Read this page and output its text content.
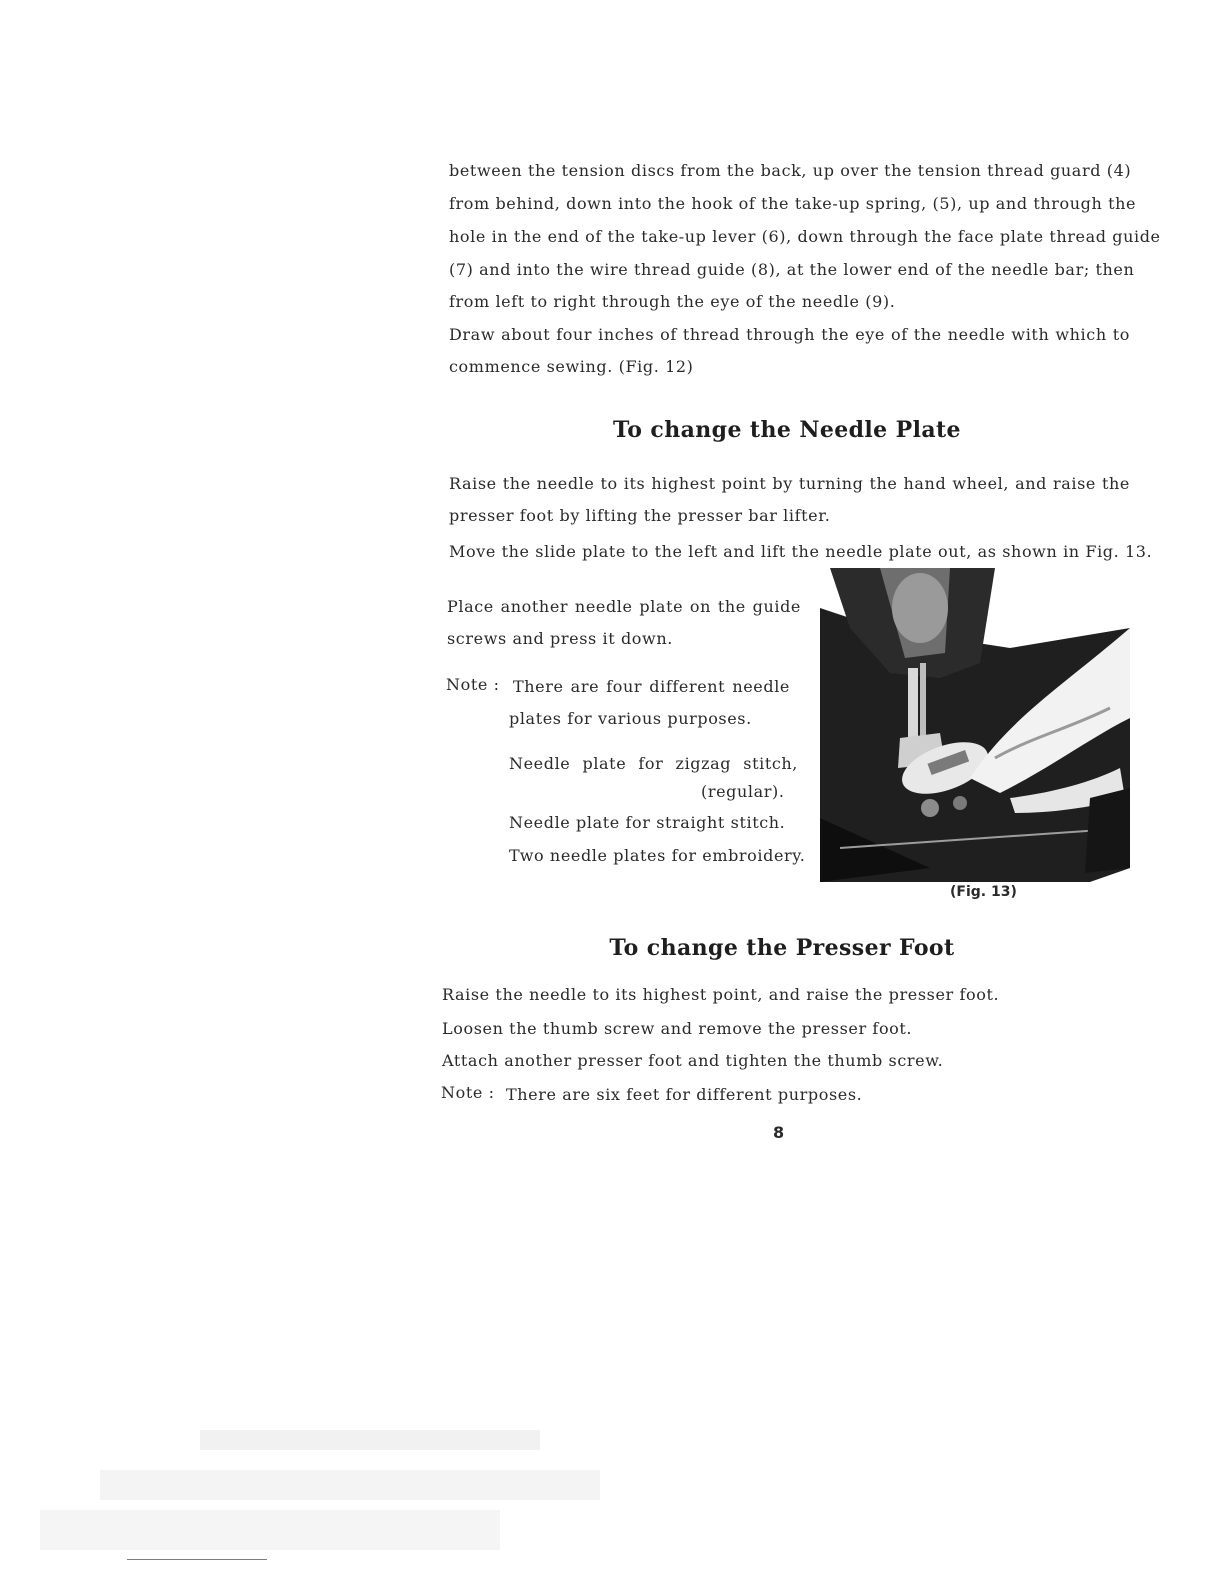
between the tension discs from the back, up over the tension thread guard (4)
from behind, down into the hook of the take-up spring, (5), up and through the
hole in the end of the take-up lever (6), down through the face plate thread guide
(7) and into the wire thread guide (8), at the lower end of the needle bar; then
from left to right through the eye of the needle (9).
Draw about four inches of thread through the eye of the needle with which to
commence sewing. (Fig. 12)
To change the Needle Plate
Raise the needle to its highest point by turning the hand wheel, and raise the
presser foot by lifting the presser bar lifter.
Move the slide plate to the left and lift the needle plate out, as shown in Fig. 13.
Place another needle plate on the guide
screws and press it down.
Note : There are four different needle
plates for various purposes.
Needle plate for zigzag stitch,
(regular).
Needle plate for straight stitch.
Two needle plates for embroidery.
(Fig. 13)
To change the Presser Foot
Raise the needle to its highest point, and raise the presser foot.
Loosen the thumb screw and remove the presser foot.
Attach another presser foot and tighten the thumb screw.
Note : There are six feet for different purposes.
8
